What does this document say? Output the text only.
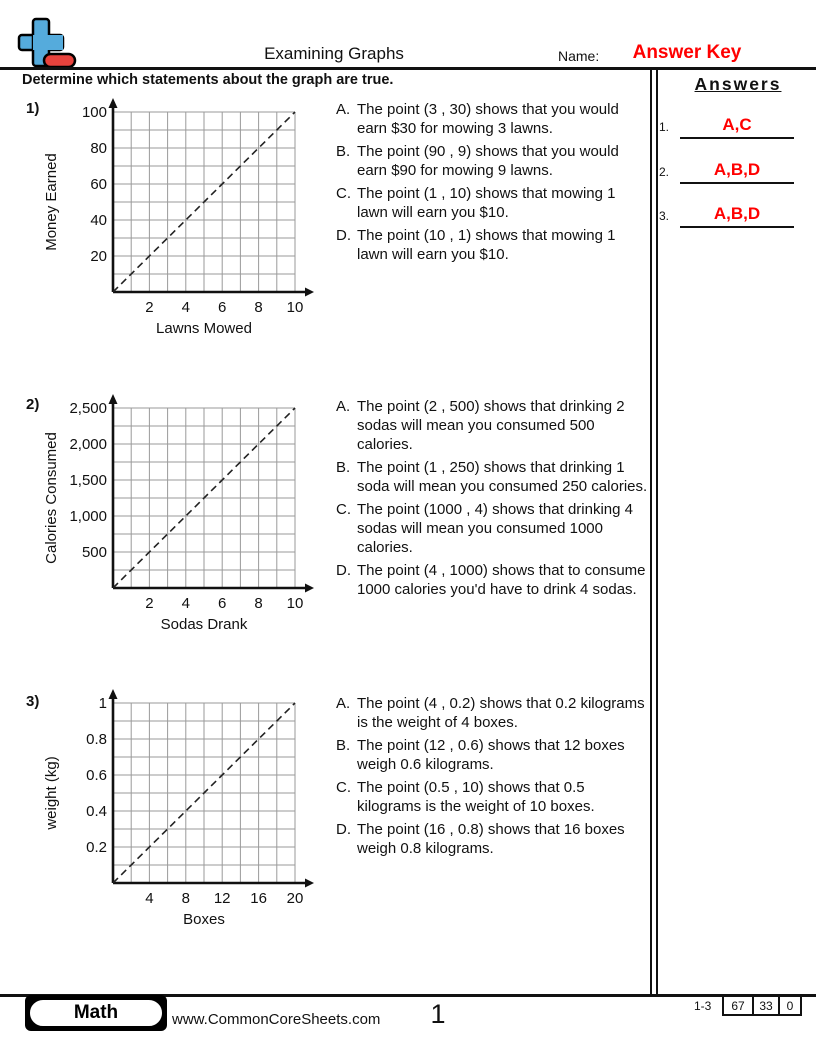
Examining Graphs	Name:	Answer Key
Determine which statements about the graph are true.	Answers
1.	A,C
2.	A,B,D
3.	A,B,D
1)
2 4 6 8 10
20
40
60
80
100
Lawns Mowed
Money Earned
A. The point (3 , 30) shows that you would earn $30 for mowing 3 lawns.
B. The point (90 , 9) shows that you would earn $90 for mowing 9 lawns.
C. The point (1 , 10) shows that mowing 1 lawn will earn you $10.
D. The point (10 , 1) shows that mowing 1 lawn will earn you $10.
2)
2 4 6 8 10
500
1,000
1,500
2,000
2,500
Sodas Drank
Calories Consumed
A. The point (2 , 500) shows that drinking 2 sodas will mean you consumed 500 calories.
B. The point (1 , 250) shows that drinking 1 soda will mean you consumed 250 calories.
C. The point (1000 , 4) shows that drinking 4 sodas will mean you consumed 1000 calories.
D. The point (4 , 1000) shows that to consume 1000 calories you'd have to drink 4 sodas.
3)
4 8 12 16 20
0.2
0.4
0.6
0.8
1
Boxes
weight (kg)
A. The point (4 , 0.2) shows that 0.2 kilograms is the weight of 4 boxes.
B. The point (12 , 0.6) shows that 12 boxes weigh 0.6 kilograms.
C. The point (0.5 , 10) shows that 0.5 kilograms is the weight of 10 boxes.
D. The point (16 , 0.8) shows that 16 boxes weigh 0.8 kilograms.
Math	www.CommonCoreSheets.com	1	1-3	67	33	0
